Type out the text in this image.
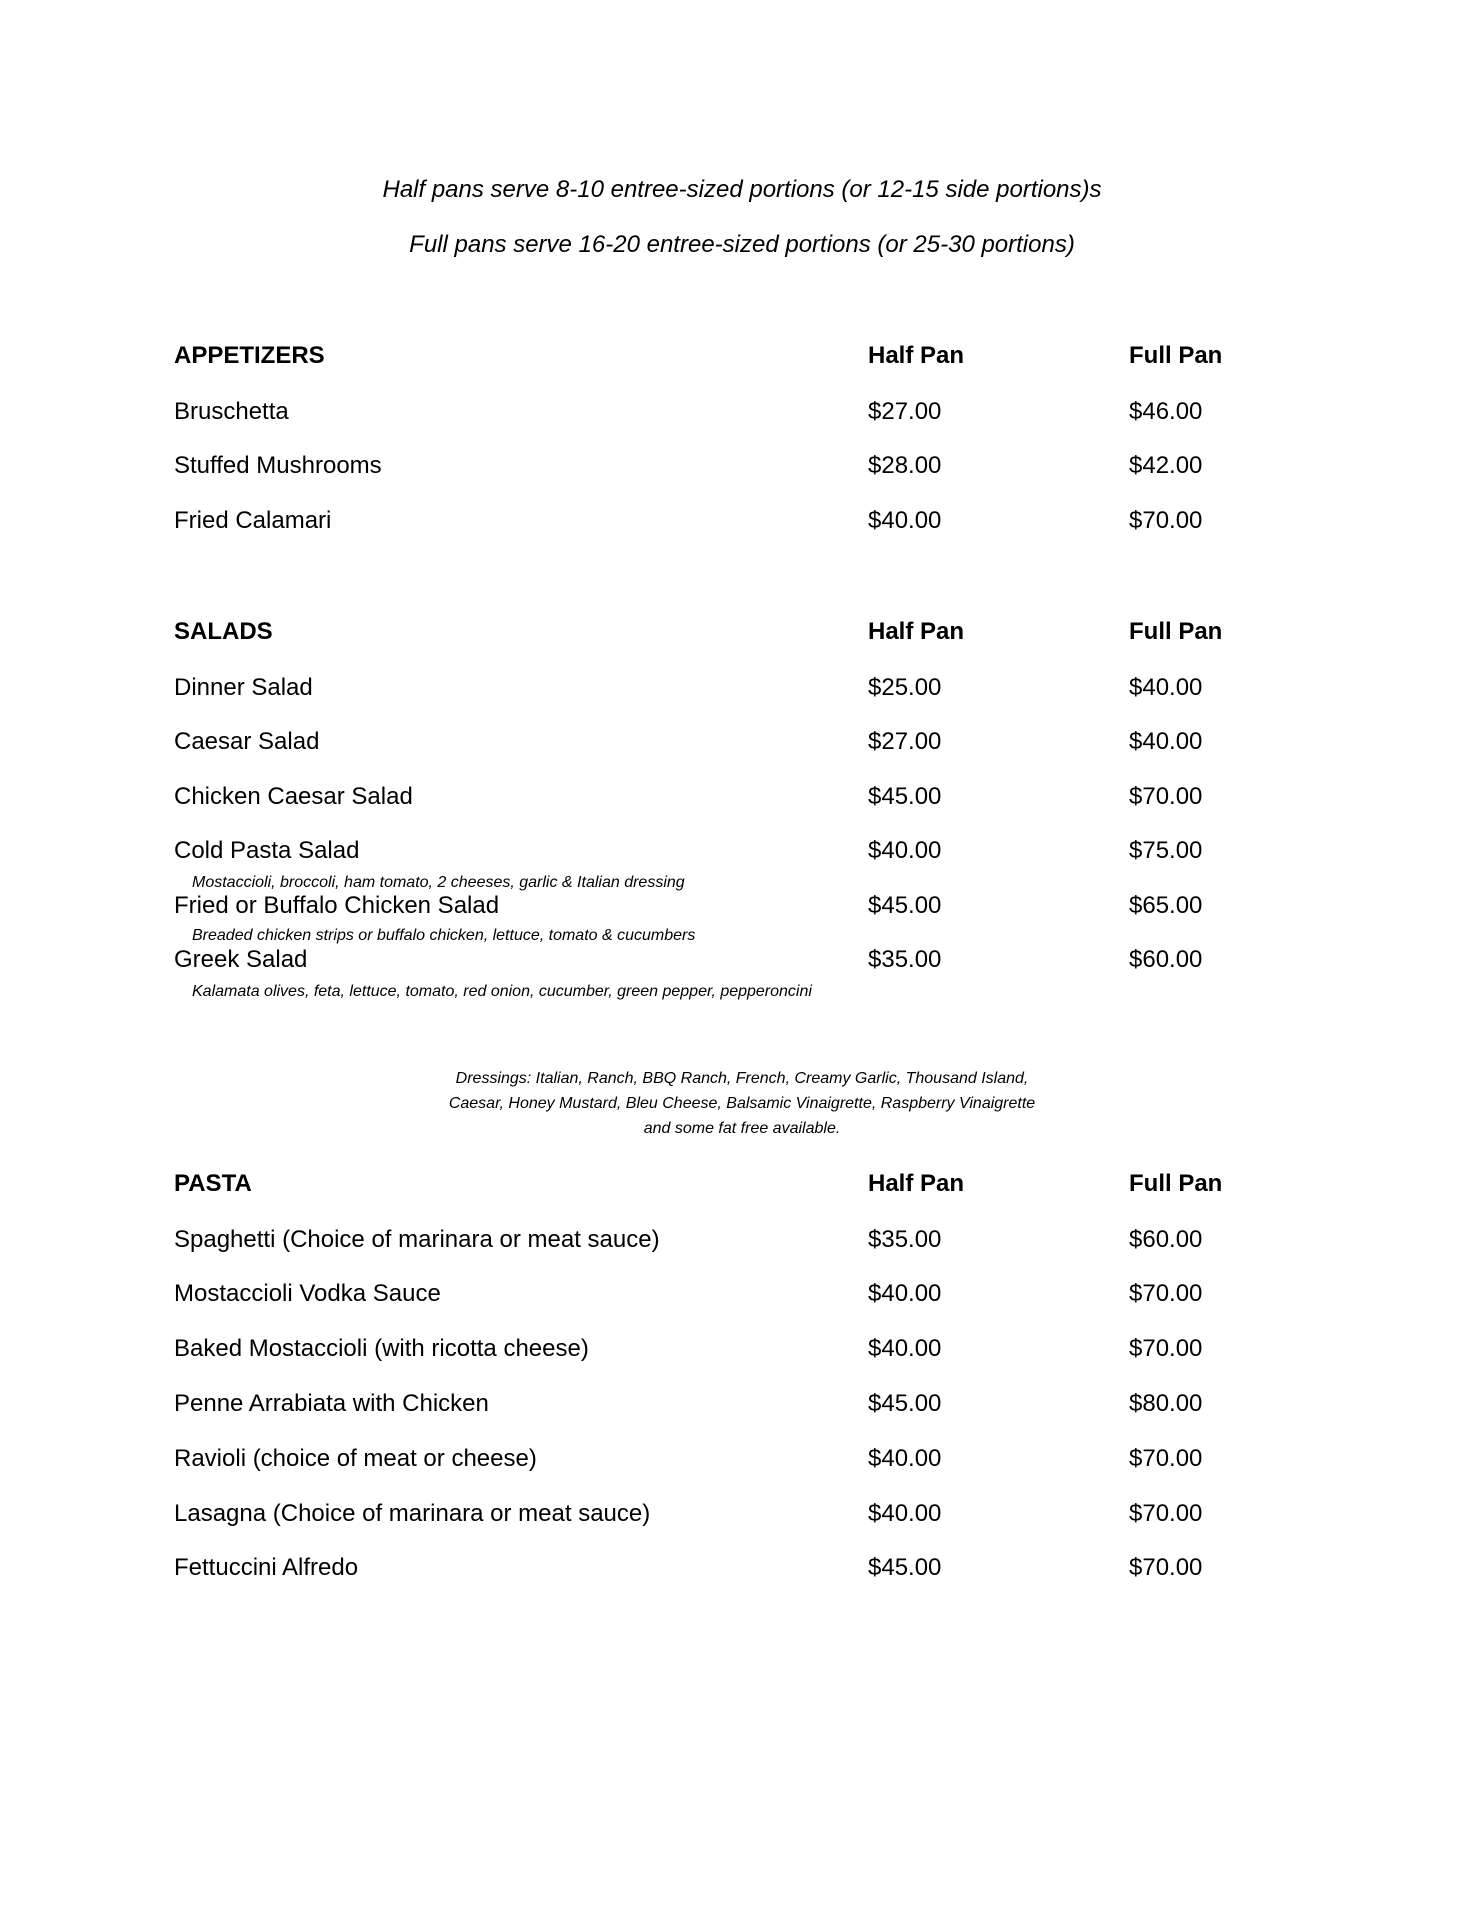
Half pans serve 8-10 entree-sized portions (or 12-15 side portions)s
Full pans serve 16-20 entree-sized portions (or 25-30 portions)
APPETIZERS	Half Pan	Full Pan
Bruschetta	$27.00	$46.00
Stuffed Mushrooms	$28.00	$42.00
Fried Calamari	$40.00	$70.00
SALADS	Half Pan	Full Pan
Dinner Salad	$25.00	$40.00
Caesar Salad	$27.00	$40.00
Chicken Caesar Salad	$45.00	$70.00
Cold Pasta Salad	$40.00	$75.00
Mostaccioli, broccoli, ham tomato, 2 cheeses, garlic & Italian dressing
Fried or Buffalo Chicken Salad	$45.00	$65.00
Breaded chicken strips or buffalo chicken, lettuce, tomato & cucumbers
Greek Salad	$35.00	$60.00
Kalamata olives, feta, lettuce, tomato, red onion, cucumber, green pepper, pepperoncini
Dressings: Italian, Ranch, BBQ Ranch, French, Creamy Garlic, Thousand Island,
Caesar, Honey Mustard, Bleu Cheese, Balsamic Vinaigrette, Raspberry Vinaigrette
and some fat free available.
PASTA	Half Pan	Full Pan
Spaghetti (Choice of marinara or meat sauce)	$35.00	$60.00
Mostaccioli Vodka Sauce	$40.00	$70.00
Baked Mostaccioli (with ricotta cheese)	$40.00	$70.00
Penne Arrabiata with Chicken	$45.00	$80.00
Ravioli (choice of meat or cheese)	$40.00	$70.00
Lasagna (Choice of marinara or meat sauce)	$40.00	$70.00
Fettuccini Alfredo	$45.00	$70.00
